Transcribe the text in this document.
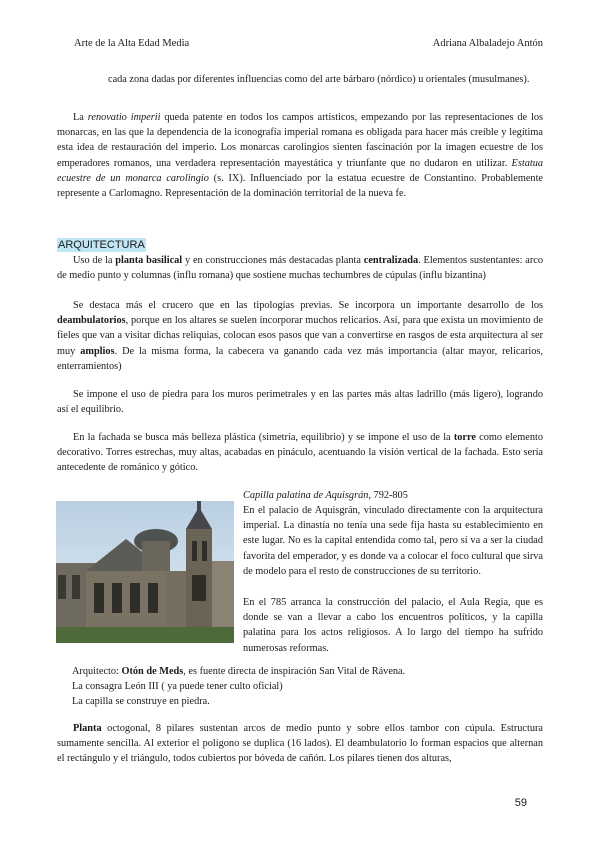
Arte de la Alta Edad Media	Adriana Albaladejo Antón

cada zona dadas por diferentes influencias como del arte bárbaro (nórdico) u orientales (musulmanes).

La renovatio imperii queda patente en todos los campos artísticos, empezando por las representaciones de los monarcas, en las que la dependencia de la iconografía imperial romana es obligada para hacer más creíble y legítima esta idea de restauración del imperio. Los monarcas carolingios sienten fascinación por la imagen ecuestre de los emperadores romanos, una verdadera representación mayestática y triunfante que no dudaron en utilizar. Estatua ecuestre de un monarca carolingio (s. IX). Influenciado por la estatua ecuestre de Constantino. Probablemente represente a Carlomagno. Representación de la dominación territorial de la nueva fe.

ARQUITECTURA

Uso de la planta basilical y en construcciones más destacadas planta centralizada. Elementos sustentantes: arco de medio punto y columnas (influ romana) que sostiene muchas techumbres de cúpulas (influ bizantina)

Se destaca más el crucero que en las tipologías previas. Se incorpora un importante desarrollo de los deambulatorios, porque en los altares se suelen incorporar muchos relicarios. Así, para que exista un movimiento de fieles que van a visitar dichas reliquias, colocan esos pasos que van a convertirse en rasgos de esta arquitectura al ser muy amplios. De la misma forma, la cabecera va ganando cada vez más importancia (altar mayor, relicarios, enterramientos)

Se impone el uso de piedra para los muros perimetrales y en las partes más altas ladrillo (más ligero), logrando así el equilibrio.

En la fachada se busca más belleza plástica (simetría, equilibrio) y se impone el uso de la torre como elemento decorativo. Torres estrechas, muy altas, acabadas en pináculo, acentuando la visión vertical de la fachada. Esto sería antecedente de románico y gótico.

Capilla palatina de Aquisgrán, 792-805

En el palacio de Aquisgrán, vinculado directamente con la arquitectura imperial. La dinastía no tenía una sede fija hasta su establecimiento en este lugar. No es la capital entendida como tal, pero sí va a ser la ciudad favorita del emperador, y es donde va a colocar el foco cultural que sirva de modelo para el resto de construcciones de su territorio.

En el 785 arranca la construcción del palacio, el Aula Regia, que es donde se van a llevar a cabo los encuentros políticos, y la capilla palatina para los actos religiosos. A lo largo del tiempo ha sufrido numerosas reformas.

Arquitecto: Otón de Meds, es fuente directa de inspiración San Vital de Rávena.
La consagra León III ( ya puede tener culto oficial)
La capilla se construye en piedra.

Planta octogonal, 8 pilares sustentan arcos de medio punto y sobre ellos tambor con cúpula. Estructura sumamente sencilla. Al exterior el polígono se duplica (16 lados). El deambulatorio lo forman espacios que alternan el rectángulo y el triángulo, todos cubiertos por bóveda de cañón. Los pilares tienen dos alturas,

59
